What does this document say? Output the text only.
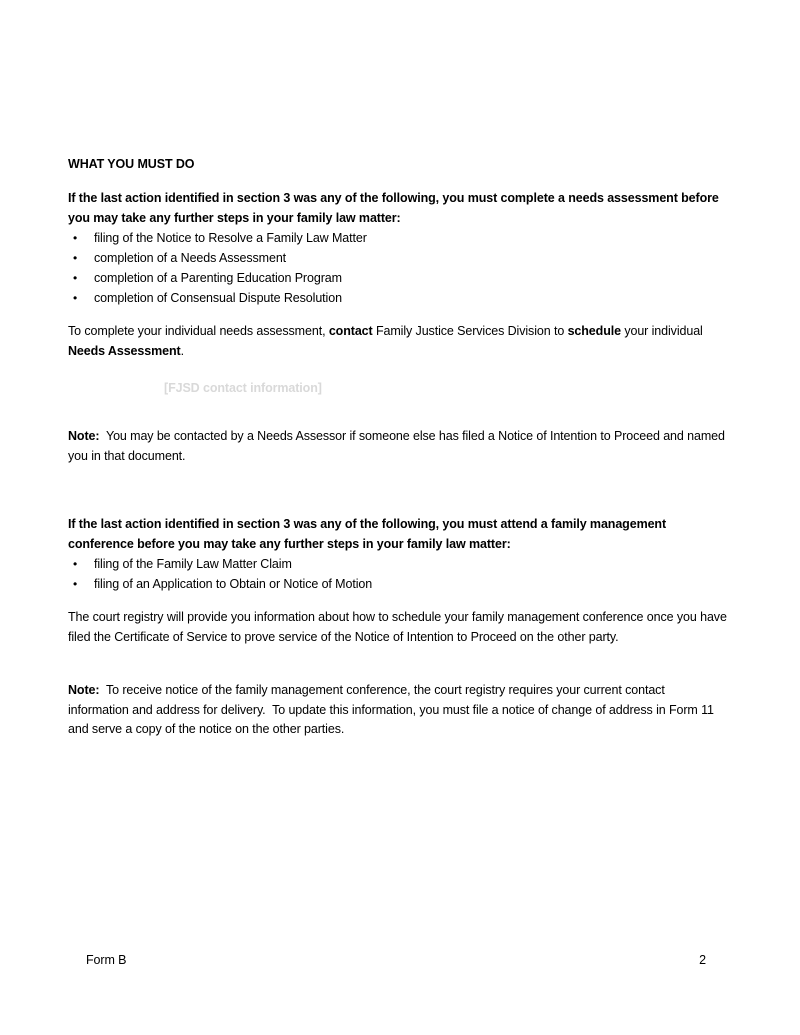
WHAT YOU MUST DO
If the last action identified in section 3 was any of the following, you must complete a needs assessment before you may take any further steps in your family law matter:
•	filing of the Notice to Resolve a Family Law Matter
•	completion of a Needs Assessment
•	completion of a Parenting Education Program
•	completion of Consensual Dispute Resolution
To complete your individual needs assessment, contact Family Justice Services Division to schedule your individual Needs Assessment.
[FJSD contact information]
Note:  You may be contacted by a Needs Assessor if someone else has filed a Notice of Intention to Proceed and named you in that document.
If the last action identified in section 3 was any of the following, you must attend a family management conference before you may take any further steps in your family law matter:
•	filing of the Family Law Matter Claim
•	filing of an Application to Obtain or Notice of Motion
The court registry will provide you information about how to schedule your family management conference once you have filed the Certificate of Service to prove service of the Notice of Intention to Proceed on the other party.
Note:  To receive notice of the family management conference, the court registry requires your current contact information and address for delivery.  To update this information, you must file a notice of change of address in Form 11 and serve a copy of the notice on the other parties.
Form B	2
